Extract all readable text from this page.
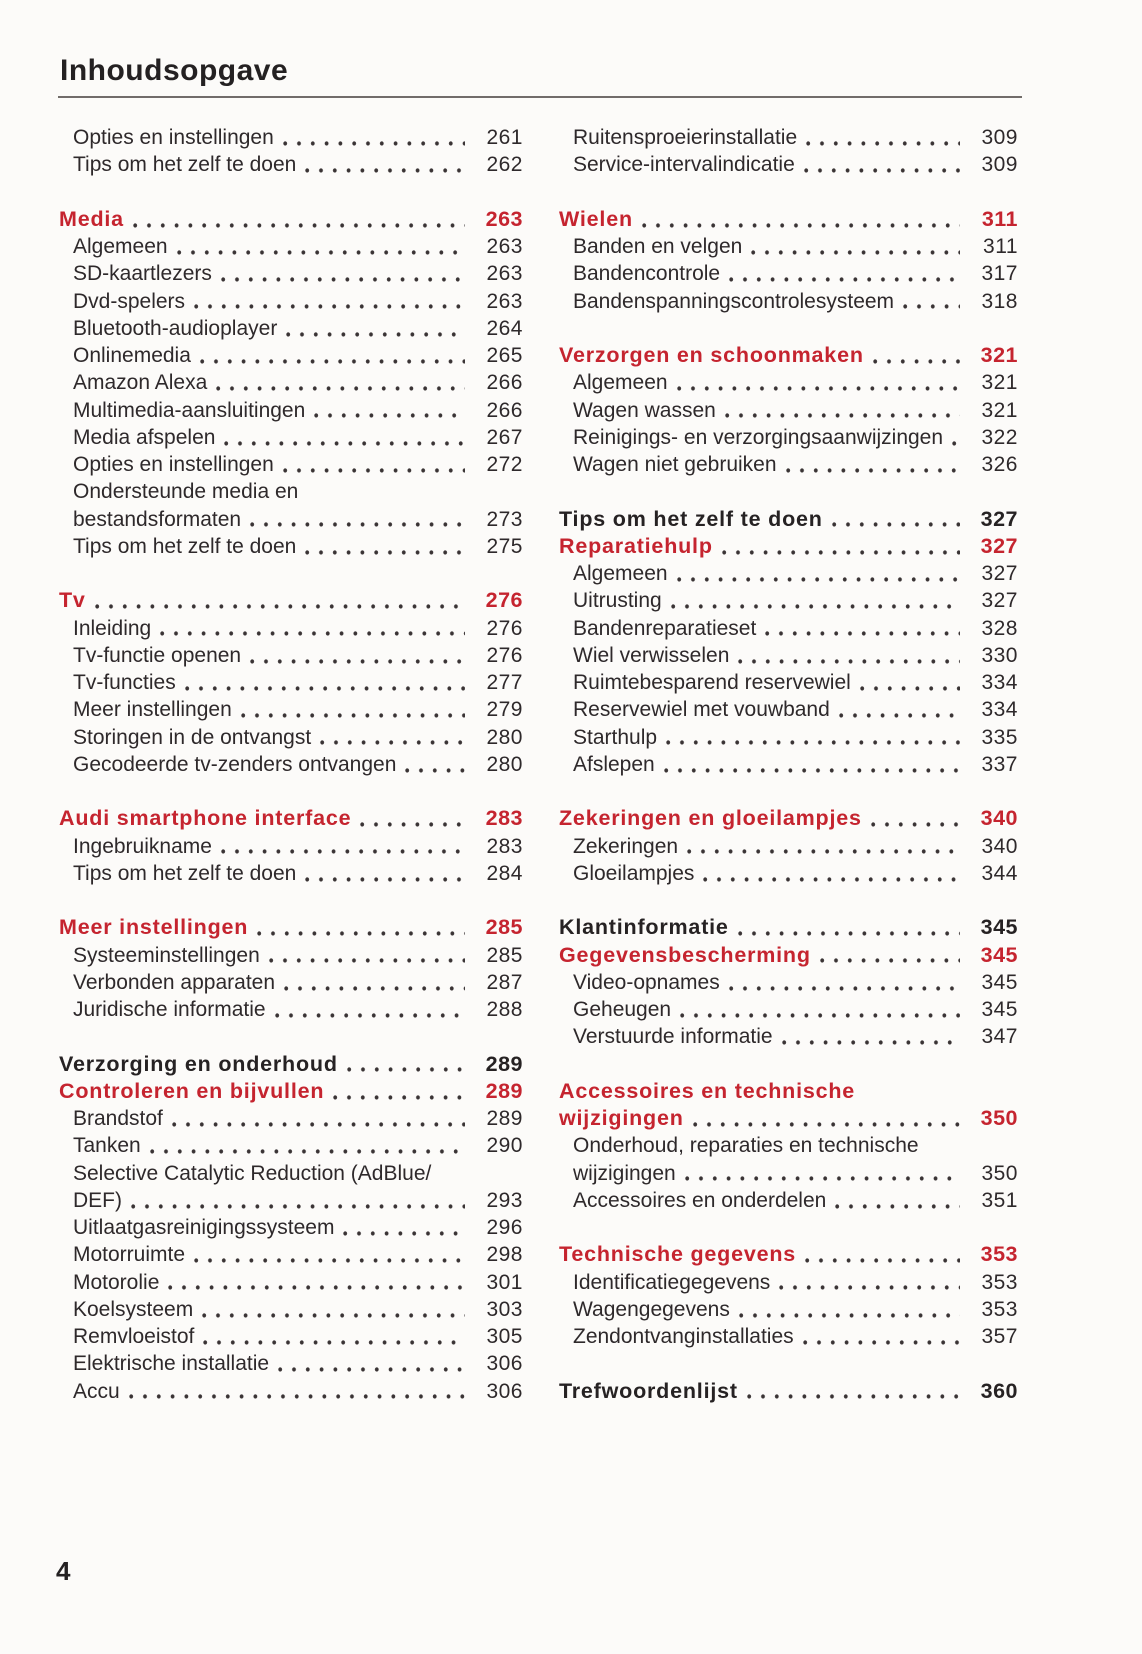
Inhoudsopgave
Opties en instellingen	261
Tips om het zelf te doen	262
Media	263
Algemeen	263
SD-kaartlezers	263
Dvd-spelers	263
Bluetooth-audioplayer	264
Onlinemedia	265
Amazon Alexa	266
Multimedia-aansluitingen	266
Media afspelen	267
Opties en instellingen	272
Ondersteunde media en
bestandsformaten	273
Tips om het zelf te doen	275
Tv	276
Inleiding	276
Tv-functie openen	276
Tv-functies	277
Meer instellingen	279
Storingen in de ontvangst	280
Gecodeerde tv-zenders ontvangen	280
Audi smartphone interface	283
Ingebruikname	283
Tips om het zelf te doen	284
Meer instellingen	285
Systeeminstellingen	285
Verbonden apparaten	287
Juridische informatie	288
Verzorging en onderhoud	289
Controleren en bijvullen	289
Brandstof	289
Tanken	290
Selective Catalytic Reduction (AdBlue/
DEF)	293
Uitlaatgasreinigingssysteem	296
Motorruimte	298
Motorolie	301
Koelsysteem	303
Remvloeistof	305
Elektrische installatie	306
Accu	306
Ruitensproeierinstallatie	309
Service-intervalindicatie	309
Wielen	311
Banden en velgen	311
Bandencontrole	317
Bandenspanningscontrolesysteem	318
Verzorgen en schoonmaken	321
Algemeen	321
Wagen wassen	321
Reinigings- en verzorgingsaanwijzingen	322
Wagen niet gebruiken	326
Tips om het zelf te doen	327
Reparatiehulp	327
Algemeen	327
Uitrusting	327
Bandenreparatieset	328
Wiel verwisselen	330
Ruimtebesparend reservewiel	334
Reservewiel met vouwband	334
Starthulp	335
Afslepen	337
Zekeringen en gloeilampjes	340
Zekeringen	340
Gloeilampjes	344
Klantinformatie	345
Gegevensbescherming	345
Video-opnames	345
Geheugen	345
Verstuurde informatie	347
Accessoires en technische
wijzigingen	350
Onderhoud, reparaties en technische
wijzigingen	350
Accessoires en onderdelen	351
Technische gegevens	353
Identificatiegegevens	353
Wagengegevens	353
Zendontvanginstallaties	357
Trefwoordenlijst	360
4
